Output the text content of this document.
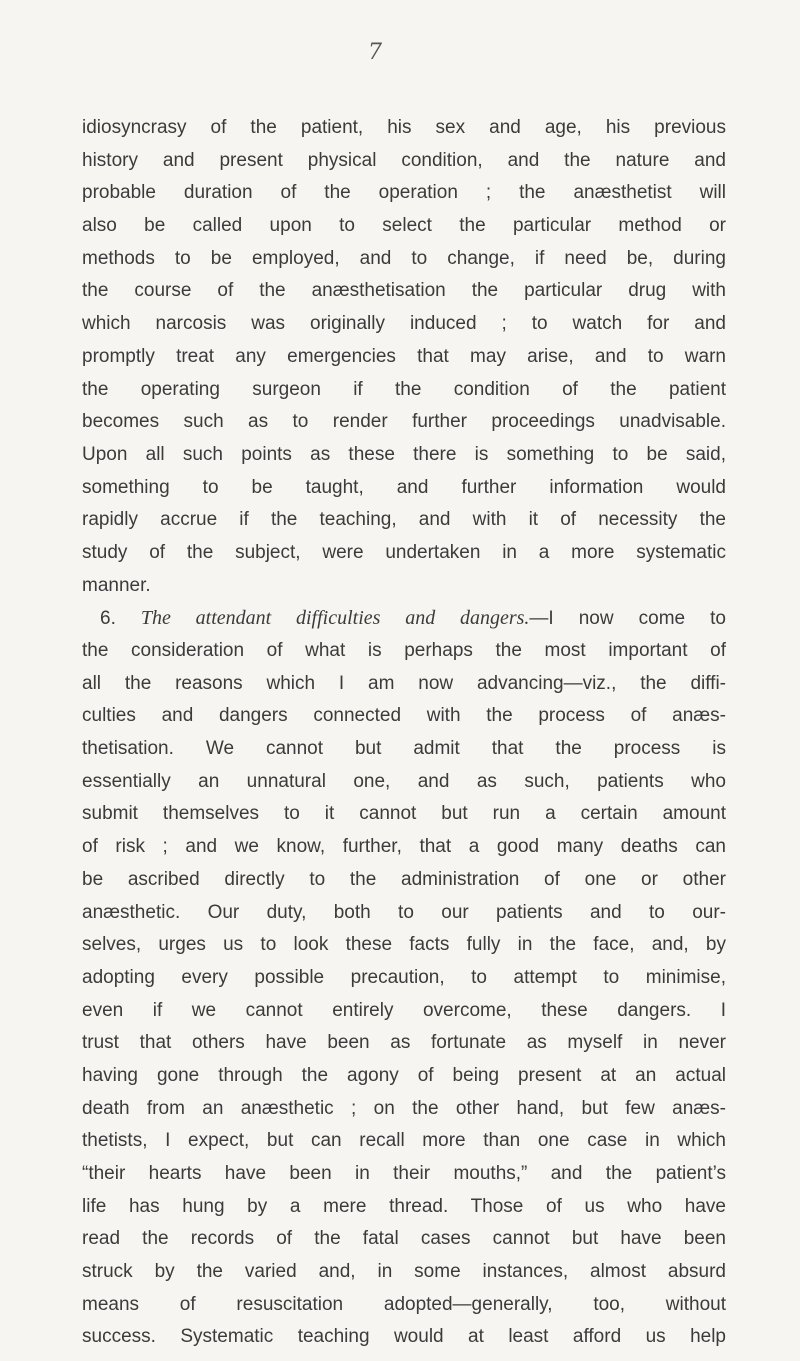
7
idiosyncrasy of the patient, his sex and age, his previous
history and present physical condition, and the nature and
probable duration of the operation ; the anæsthetist will
also be called upon to select the particular method or
methods to be employed, and to change, if need be, during
the course of the anæsthetisation the particular drug with
which narcosis was originally induced ; to watch for and
promptly treat any emergencies that may arise, and to warn
the operating surgeon if the condition of the patient
becomes such as to render further proceedings unadvisable.
Upon all such points as these there is something to be said,
something to be taught, and further information would
rapidly accrue if the teaching, and with it of necessity the
study of the subject, were undertaken in a more systematic
manner.
6. The attendant difficulties and dangers.—I now come to
the consideration of what is perhaps the most important of
all the reasons which I am now advancing—viz., the diffi-
culties and dangers connected with the process of anæs-
thetisation. We cannot but admit that the process is
essentially an unnatural one, and as such, patients who
submit themselves to it cannot but run a certain amount
of risk ; and we know, further, that a good many deaths can
be ascribed directly to the administration of one or other
anæsthetic. Our duty, both to our patients and to our-
selves, urges us to look these facts fully in the face, and, by
adopting every possible precaution, to attempt to minimise,
even if we cannot entirely overcome, these dangers. I
trust that others have been as fortunate as myself in never
having gone through the agony of being present at an actual
death from an anæsthetic ; on the other hand, but few anæs-
thetists, I expect, but can recall more than one case in which
“their hearts have been in their mouths,” and the patient’s
life has hung by a mere thread. Those of us who have
read the records of the fatal cases cannot but have been
struck by the varied and, in some instances, almost absurd
means of resuscitation adopted—generally, too, without
success. Systematic teaching would at least afford us help
